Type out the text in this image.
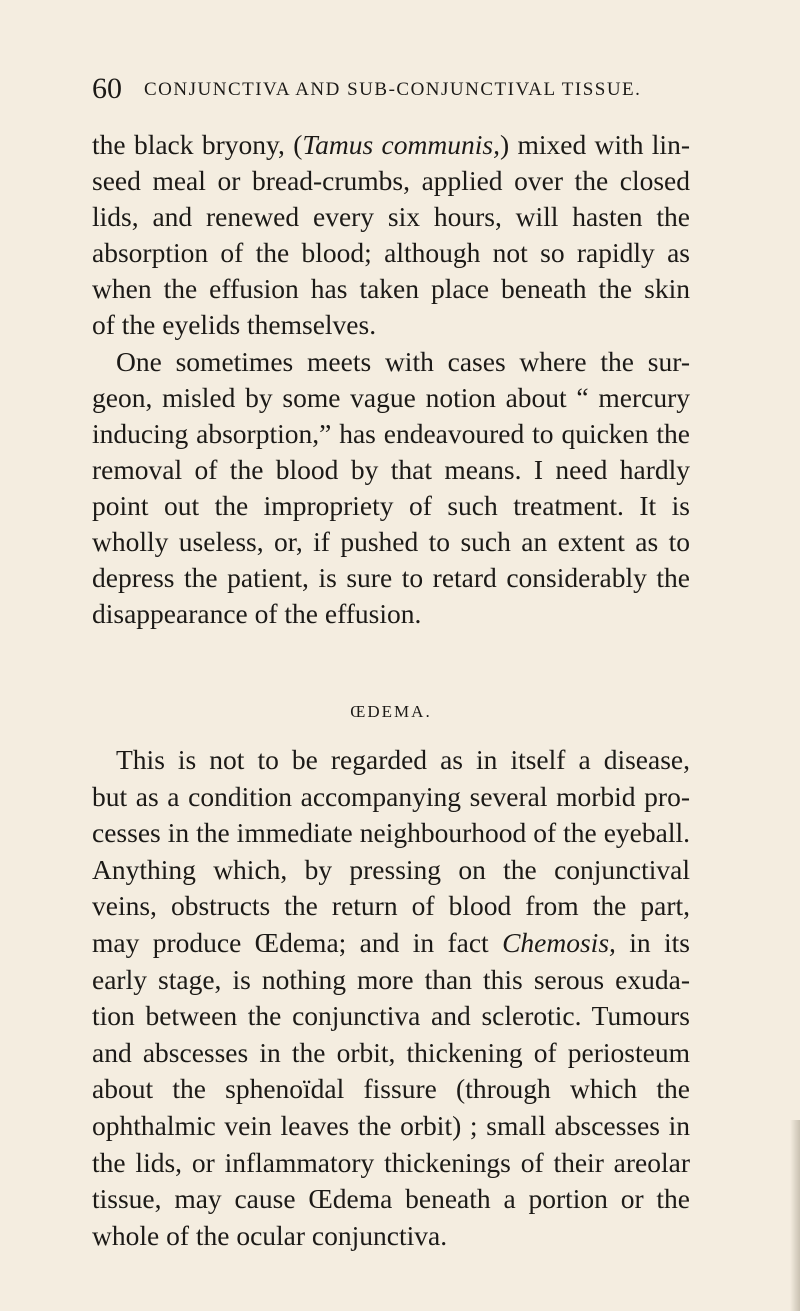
60 CONJUNCTIVA AND SUB-CONJUNCTIVAL TISSUE.
the black bryony, (Tamus communis,) mixed with lin-
seed meal or bread-crumbs, applied over the closed
lids, and renewed every six hours, will hasten the
absorption of the blood; although not so rapidly as
when the effusion has taken place beneath the skin
of the eyelids themselves.
One sometimes meets with cases where the sur-
geon, misled by some vague notion about “ mercury
inducing absorption,” has endeavoured to quicken the
removal of the blood by that means. I need hardly
point out the impropriety of such treatment. It is
wholly useless, or, if pushed to such an extent as to
depress the patient, is sure to retard considerably the
disappearance of the effusion.
ŒDEMA.
This is not to be regarded as in itself a disease,
but as a condition accompanying several morbid pro-
cesses in the immediate neighbourhood of the eyeball.
Anything which, by pressing on the conjunctival
veins, obstructs the return of blood from the part,
may produce Œdema; and in fact Chemosis, in its
early stage, is nothing more than this serous exuda-
tion between the conjunctiva and sclerotic. Tumours
and abscesses in the orbit, thickening of periosteum
about the sphenoïdal fissure (through which the
ophthalmic vein leaves the orbit) ; small abscesses in
the lids, or inflammatory thickenings of their areolar
tissue, may cause Œdema beneath a portion or the
whole of the ocular conjunctiva.
